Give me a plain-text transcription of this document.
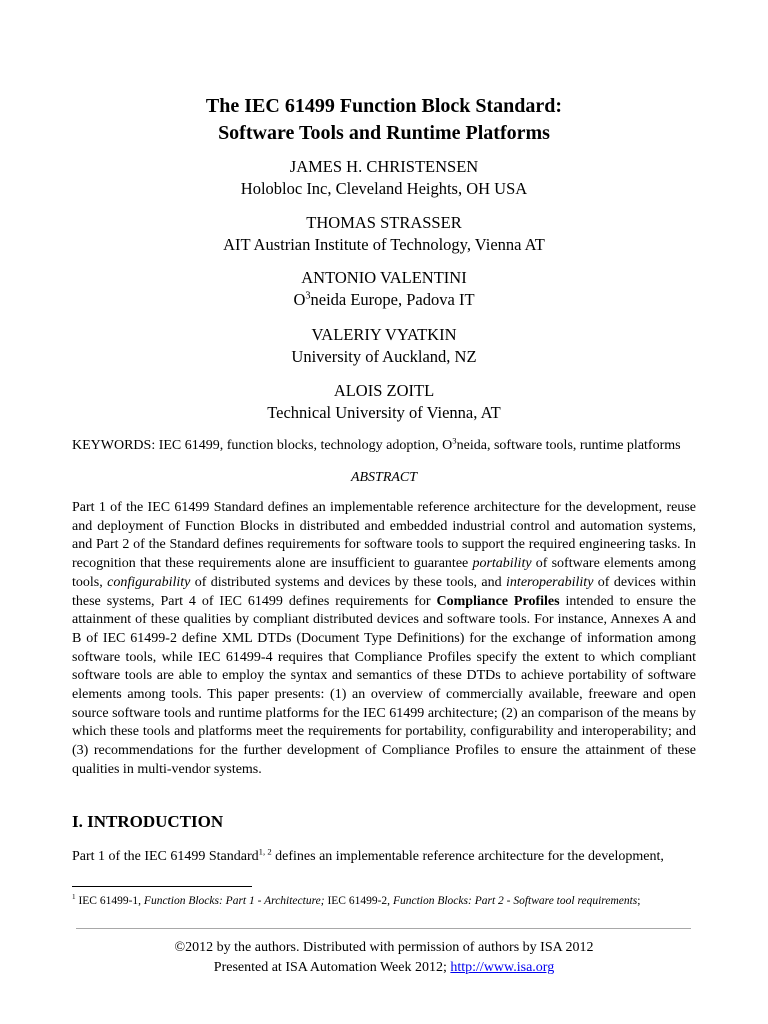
The IEC 61499 Function Block Standard:
Software Tools and Runtime Platforms
JAMES H. CHRISTENSEN
Holobloc Inc, Cleveland Heights, OH USA
THOMAS STRASSER
AIT Austrian Institute of Technology, Vienna AT
ANTONIO VALENTINI
$O^3neida$ Europe, Padova IT
VALERIY VYATKIN
University of Auckland, NZ
ALOIS ZOITL
Technical University of Vienna, AT
KEYWORDS: IEC 61499, function blocks, technology adoption, $O^3neida$, software tools, runtime platforms
ABSTRACT
Part 1 of the IEC 61499 Standard defines an implementable reference architecture for the development, reuse and deployment of Function Blocks in distributed and embedded industrial control and automation systems, and Part 2 of the Standard defines requirements for software tools to support the required engineering tasks. In recognition that these requirements alone are insufficient to guarantee portability of software elements among tools, configurability of distributed systems and devices by these tools, and interoperability of devices within these systems, Part 4 of IEC 61499 defines requirements for Compliance Profiles intended to ensure the attainment of these qualities by compliant distributed devices and software tools. For instance, Annexes A and B of IEC 61499-2 define XML DTDs (Document Type Definitions) for the exchange of information among software tools, while IEC 61499-4 requires that Compliance Profiles specify the extent to which compliant software tools are able to employ the syntax and semantics of these DTDs to achieve portability of software elements among tools. This paper presents: (1) an overview of commercially available, freeware and open source software tools and runtime platforms for the IEC 61499 architecture; (2) an comparison of the means by which these tools and platforms meet the requirements for portability, configurability and interoperability; and (3) recommendations for the further development of Compliance Profiles to ensure the attainment of these qualities in multi-vendor systems.
I. INTRODUCTION
Part 1 of the IEC 61499 Standard$^{1, 2}$ defines an implementable reference architecture for the development,
$^1$ IEC 61499-1, Function Blocks: Part 1 - Architecture; IEC 61499-2, Function Blocks: Part 2 - Software tool requirements;
©2012 by the authors. Distributed with permission of authors by ISA 2012
Presented at ISA Automation Week 2012; http://www.isa.org
